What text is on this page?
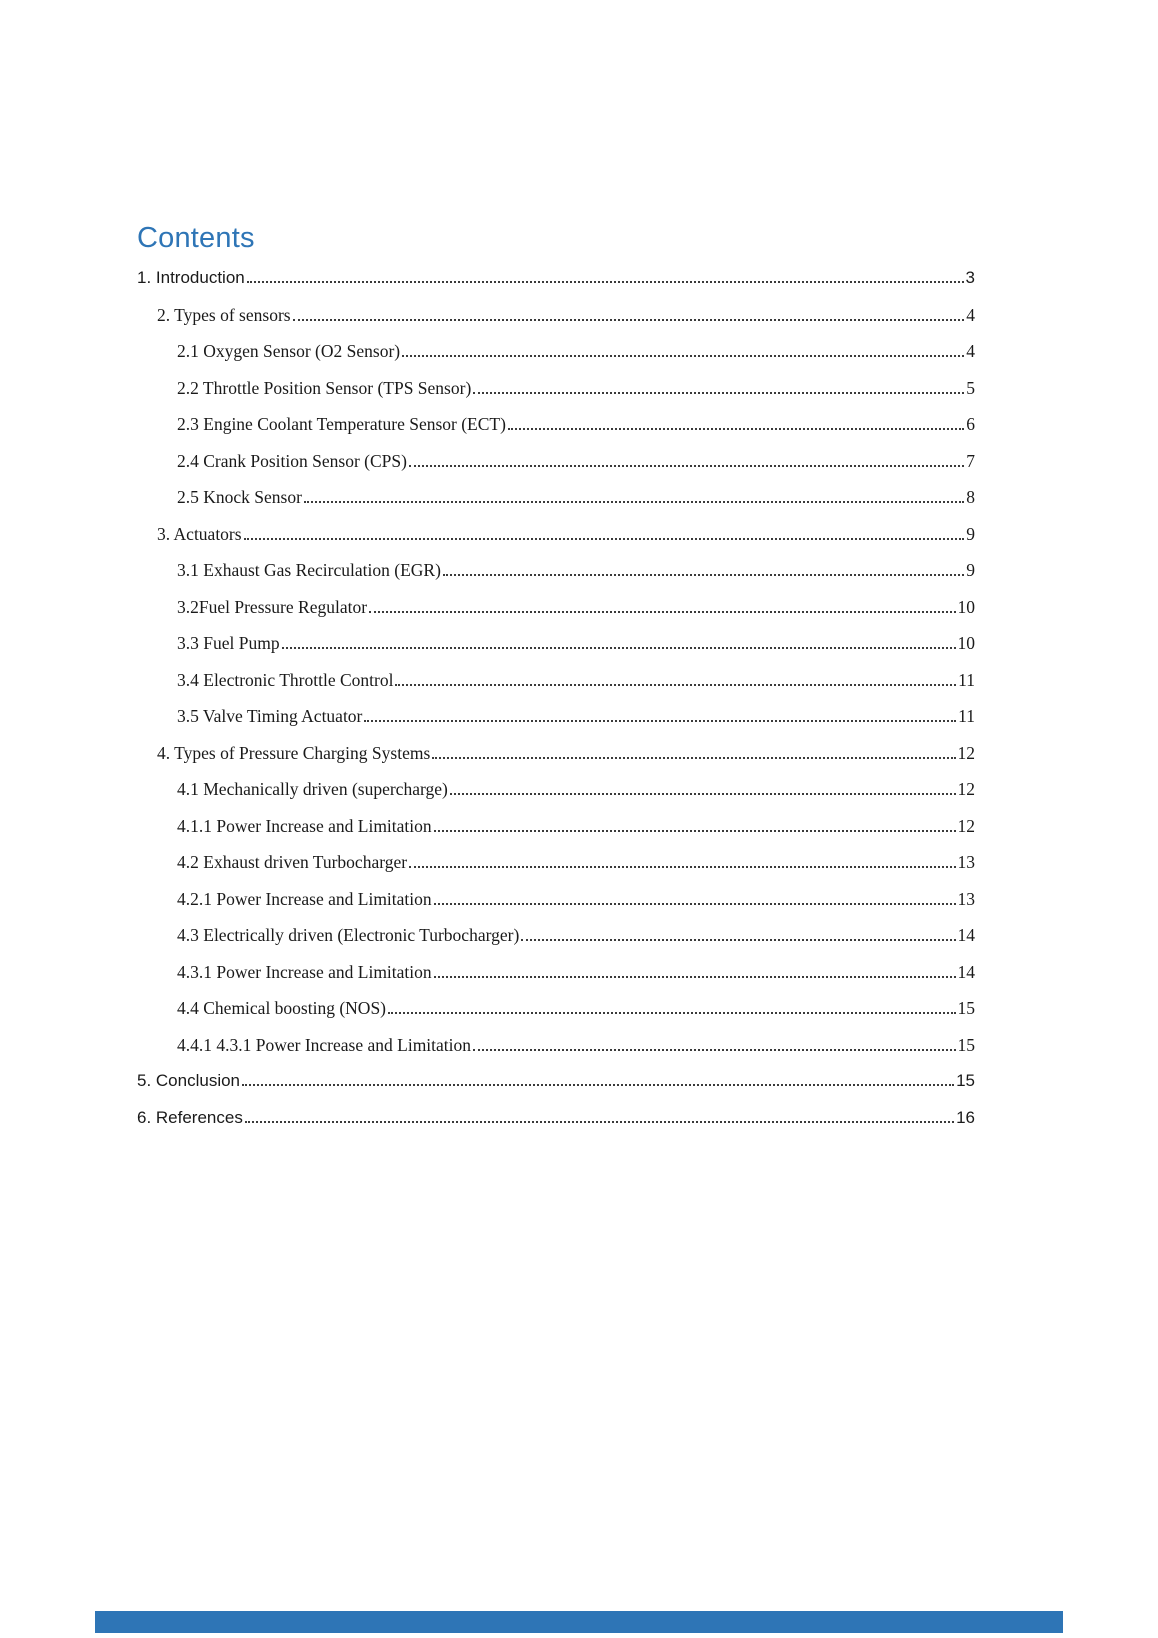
Contents
1. Introduction	3
2. Types of sensors	4
2.1 Oxygen Sensor (O2 Sensor)	4
2.2 Throttle Position Sensor (TPS Sensor)	5
2.3 Engine Coolant Temperature Sensor (ECT)	6
2.4 Crank Position Sensor (CPS)	7
2.5 Knock Sensor	8
3. Actuators	9
3.1 Exhaust Gas Recirculation (EGR)	9
3.2Fuel Pressure Regulator	10
3.3 Fuel Pump	10
3.4 Electronic Throttle Control	11
3.5 Valve Timing Actuator	11
4. Types of Pressure Charging Systems	12
4.1 Mechanically driven (supercharge)	12
4.1.1 Power Increase and Limitation	12
4.2 Exhaust driven Turbocharger	13
4.2.1 Power Increase and Limitation	13
4.3 Electrically driven (Electronic Turbocharger)	14
4.3.1 Power Increase and Limitation	14
4.4 Chemical boosting (NOS)	15
4.4.1 4.3.1 Power Increase and Limitation	15
5. Conclusion	15
6. References	16
